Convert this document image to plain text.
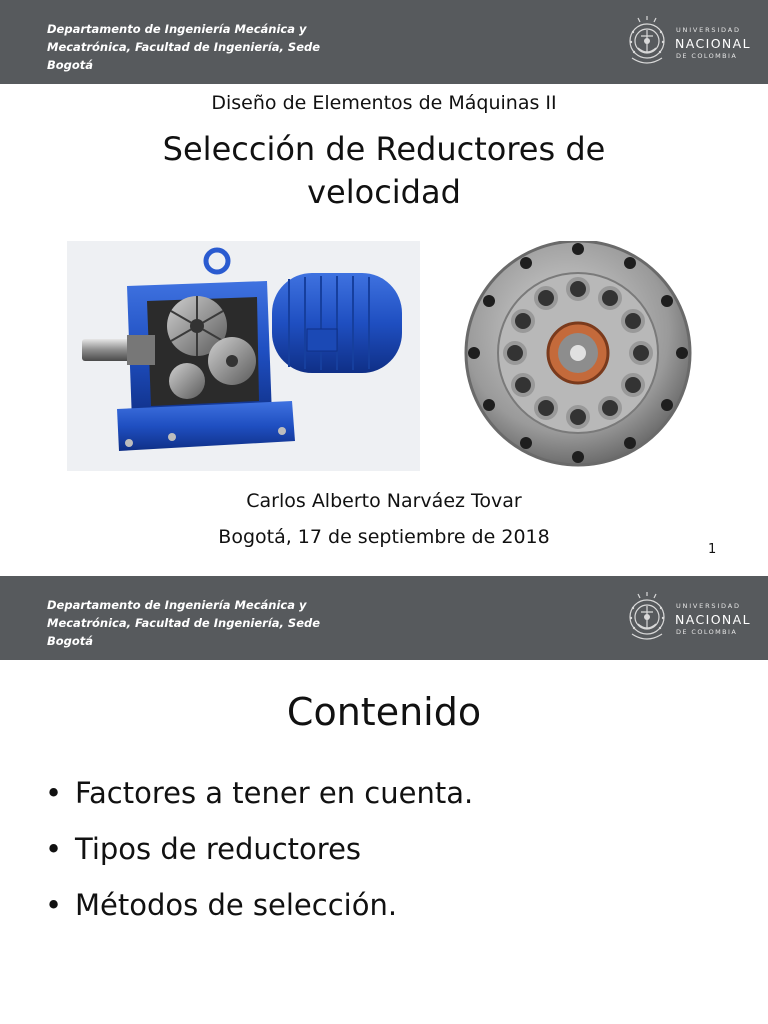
Departamento de Ingeniería Mecánica y Mecatrónica, Facultad de Ingeniería, Sede Bogotá
UNIVERSIDAD
NACIONAL
DE COLOMBIA
Diseño de Elementos de Máquinas II
Selección de Reductores de velocidad
Carlos Alberto Narváez Tovar
Bogotá, 17 de septiembre de 2018
1
Departamento de Ingeniería Mecánica y Mecatrónica, Facultad de Ingeniería, Sede Bogotá
UNIVERSIDAD
NACIONAL
DE COLOMBIA
Contenido
• Factores a tener en cuenta.
• Tipos de reductores
• Métodos de selección.
